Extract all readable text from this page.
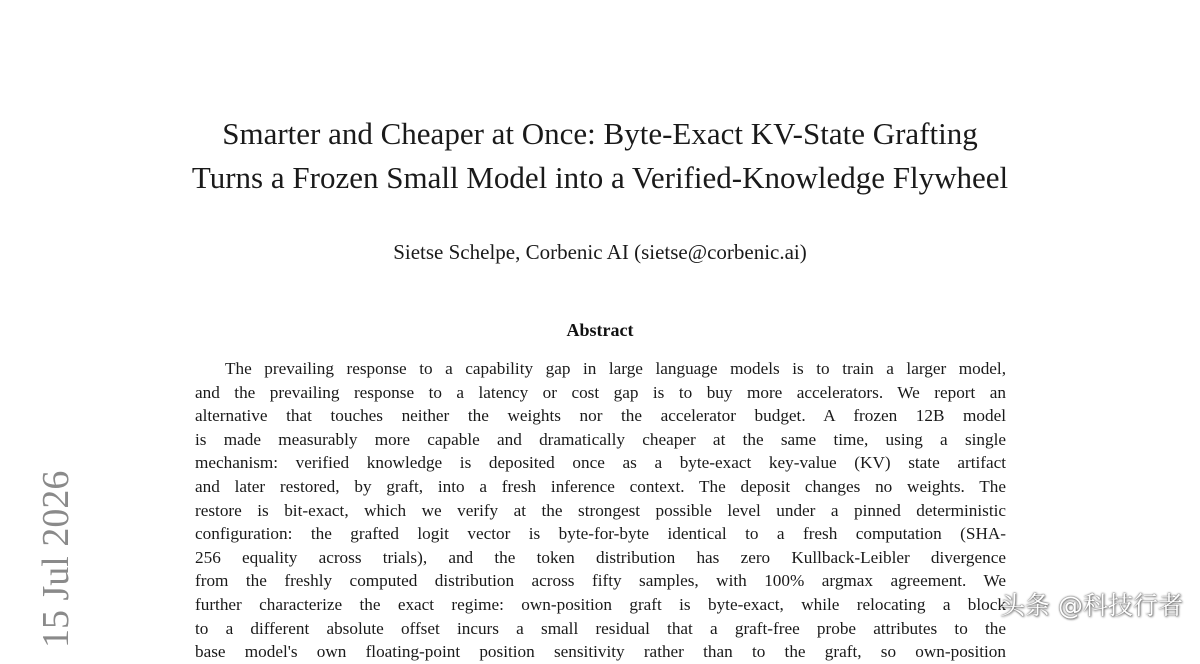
Smarter and Cheaper at Once: Byte-Exact KV-State Grafting
Turns a Frozen Small Model into a Verified-Knowledge Flywheel
Sietse Schelpe, Corbenic AI (sietse@corbenic.ai)
Abstract
The prevailing response to a capability gap in large language models is to train a larger model,
and the prevailing response to a latency or cost gap is to buy more accelerators. We report an
alternative that touches neither the weights nor the accelerator budget. A frozen 12B model
is made measurably more capable and dramatically cheaper at the same time, using a single
mechanism: verified knowledge is deposited once as a byte-exact key-value (KV) state artifact
and later restored, by graft, into a fresh inference context. The deposit changes no weights. The
restore is bit-exact, which we verify at the strongest possible level under a pinned deterministic
configuration: the grafted logit vector is byte-for-byte identical to a fresh computation (SHA-
256 equality across trials), and the token distribution has zero Kullback-Leibler divergence
from the freshly computed distribution across fifty samples, with 100% argmax agreement. We
further characterize the exact regime: own-position graft is byte-exact, while relocating a block
to a different absolute offset incurs a small residual that a graft-free probe attributes to the
base model's own floating-point position sensitivity rather than to the graft, so own-position
15 Jul 2026	头条 @科技行者
